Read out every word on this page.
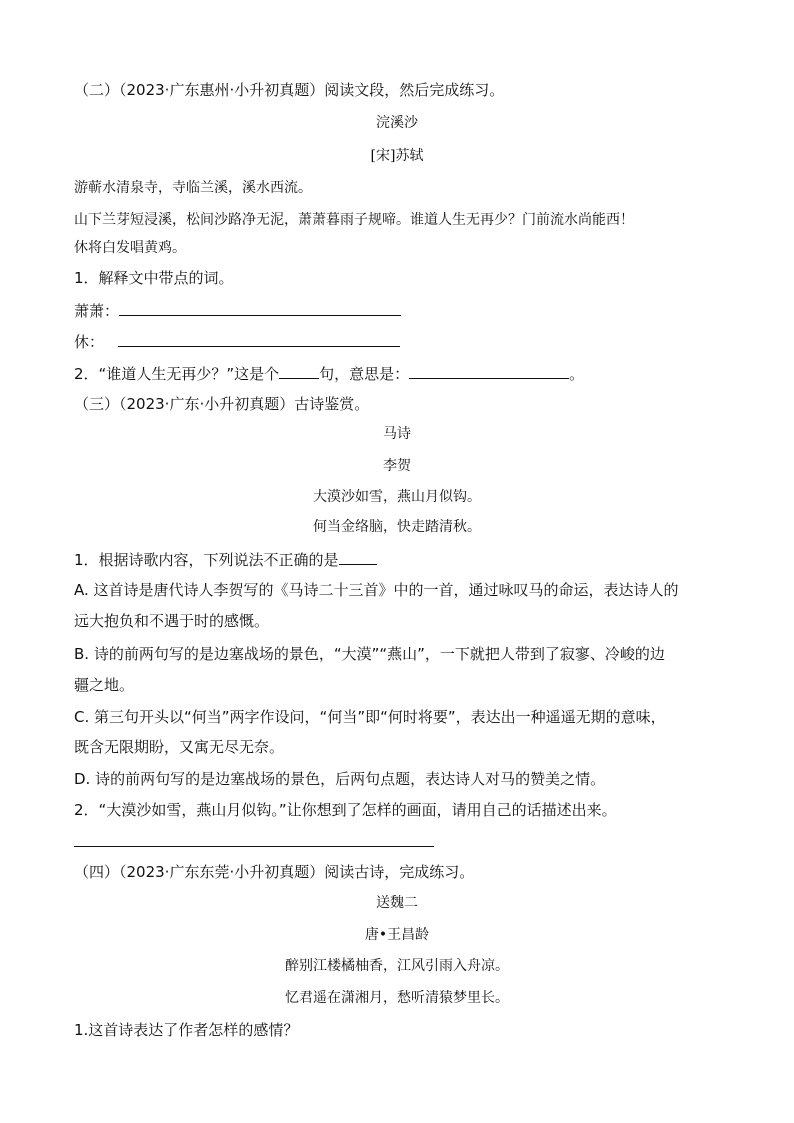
（二）（2023·广东惠州·小升初真题）阅读文段，然后完成练习。
浣溪沙
[宋]苏轼
游蕲水清泉寺，寺临兰溪，溪水西流。
山下兰芽短浸溪，松间沙路净无泥，萧萧暮雨子规啼。谁道人生无再少？门前流水尚能西！
休将白发唱黄鸡。
1．解释文中带点的词。
萧萧：
休：
2．“谁道人生无再少？”这是个	句，意思是：	。
（三）（2023·广东·小升初真题）古诗鉴赏。
马诗
李贺
大漠沙如雪，燕山月似钩。
何当金络脑，快走踏清秋。
1．根据诗歌内容，下列说法不正确的是
A. 这首诗是唐代诗人李贺写的《马诗二十三首》中的一首，通过咏叹马的命运，表达诗人的
远大抱负和不遇于时的感慨。
B. 诗的前两句写的是边塞战场的景色，“大漠”“燕山”，一下就把人带到了寂寥、冷峻的边
疆之地。
C. 第三句开头以“何当”两字作设问，“何当”即“何时将要”，表达出一种遥遥无期的意味，
既含无限期盼，又寓无尽无奈。
D. 诗的前两句写的是边塞战场的景色，后两句点题，表达诗人对马的赞美之情。
2．“大漠沙如雪，燕山月似钩。”让你想到了怎样的画面，请用自己的话描述出来。
（四）（2023·广东东莞·小升初真题）阅读古诗，完成练习。
送魏二
唐•王昌龄
醉别江楼橘柚香，江风引雨入舟凉。
忆君遥在潇湘月，愁听清猿梦里长。
1.这首诗表达了作者怎样的感情？
